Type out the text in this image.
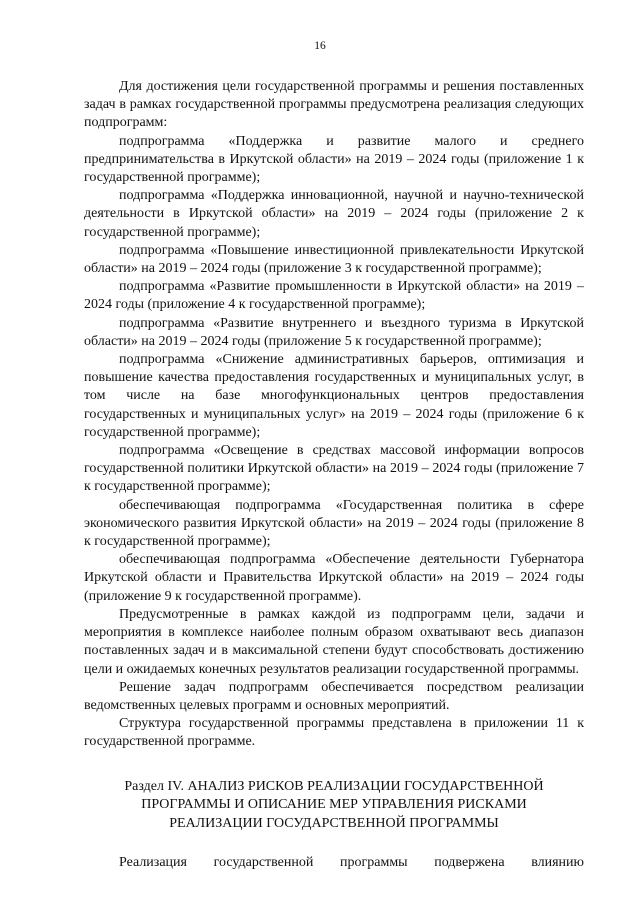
16

Для достижения цели государственной программы и решения поставленных задач в рамках государственной программы предусмотрена реализация следующих подпрограмм:

подпрограмма «Поддержка и развитие малого и среднего предпринимательства в Иркутской области» на 2019 – 2024 годы (приложение 1 к государственной программе);

подпрограмма «Поддержка инновационной, научной и научно-технической деятельности в Иркутской области» на 2019 – 2024 годы (приложение 2 к государственной программе);

подпрограмма «Повышение инвестиционной привлекательности Иркутской области» на 2019 – 2024 годы (приложение 3 к государственной программе);

подпрограмма «Развитие промышленности в Иркутской области» на 2019 – 2024 годы (приложение 4 к государственной программе);

подпрограмма «Развитие внутреннего и въездного туризма в Иркутской области» на 2019 – 2024 годы (приложение 5 к государственной программе);

подпрограмма «Снижение административных барьеров, оптимизация и повышение качества предоставления государственных и муниципальных услуг, в том числе на базе многофункциональных центров предоставления государственных и муниципальных услуг» на 2019 – 2024 годы (приложение 6 к государственной программе);

подпрограмма «Освещение в средствах массовой информации вопросов государственной политики Иркутской области» на 2019 – 2024 годы (приложение 7 к государственной программе);

обеспечивающая подпрограмма «Государственная политика в сфере экономического развития Иркутской области» на 2019 – 2024 годы (приложение 8 к государственной программе);

обеспечивающая подпрограмма «Обеспечение деятельности Губернатора Иркутской области и Правительства Иркутской области» на 2019 – 2024 годы (приложение 9 к государственной программе).

Предусмотренные в рамках каждой из подпрограмм цели, задачи и мероприятия в комплексе наиболее полным образом охватывают весь диапазон поставленных задач и в максимальной степени будут способствовать достижению цели и ожидаемых конечных результатов реализации государственной программы.

Решение задач подпрограмм обеспечивается посредством реализации ведомственных целевых программ и основных мероприятий.

Структура государственной программы представлена в приложении 11 к государственной программе.

Раздел IV. АНАЛИЗ РИСКОВ РЕАЛИЗАЦИИ ГОСУДАРСТВЕННОЙ
ПРОГРАММЫ И ОПИСАНИЕ МЕР УПРАВЛЕНИЯ РИСКАМИ
РЕАЛИЗАЦИИ ГОСУДАРСТВЕННОЙ ПРОГРАММЫ

Реализация государственной программы подвержена влиянию
